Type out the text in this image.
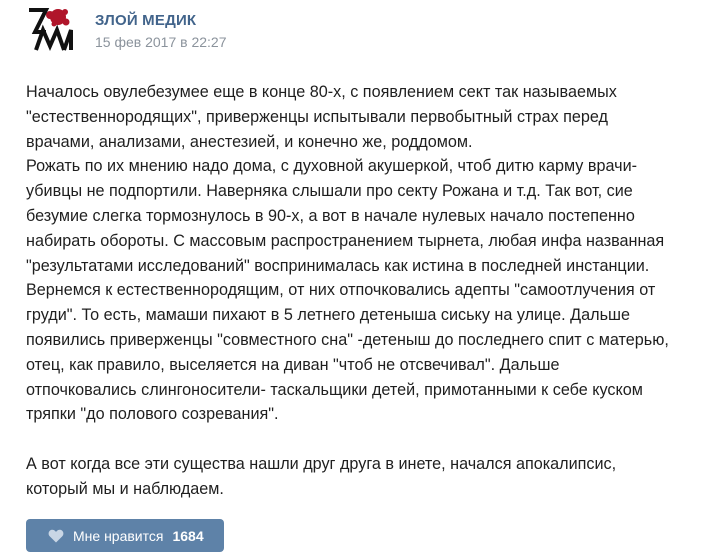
ЗЛОЙ МЕДИК
15 фев 2017 в 22:27
Началось овулебезумее еще в конце 80-х, с появлением сект так называемых
"естественнородящих", приверженцы испытывали первобытный страх перед
врачами, анализами, анестезией, и конечно же, роддомом.
Рожать по их мнению надо дома, с духовной акушеркой, чтоб дитю карму врачи-
убивцы не подпортили. Наверняка слышали про секту Рожана и т.д. Так вот, сие
безумие слегка тормознулось в 90-х, а вот в начале нулевых начало постепенно
набирать обороты. С массовым распространением тырнета, любая инфа названная
"результатами исследований" воспринималась как истина в последней инстанции.
Вернемся к естественнородящим, от них отпочковались адепты "самоотлучения от
груди". То есть, мамаши пихают в 5 летнего детеныша сиську на улице. Дальше
появились приверженцы "совместного сна" -детеныш до последнего спит с матерью,
отец, как правило, выселяется на диван "чтоб не отсвечивал". Дальше
отпочковались слингоносители- таскальщики детей, примотанными к себе куском
тряпки "до полового созревания".
А вот когда все эти существа нашли друг друга в инете, начался апокалипсис,
который мы и наблюдаем.
Мне нравится 1684
